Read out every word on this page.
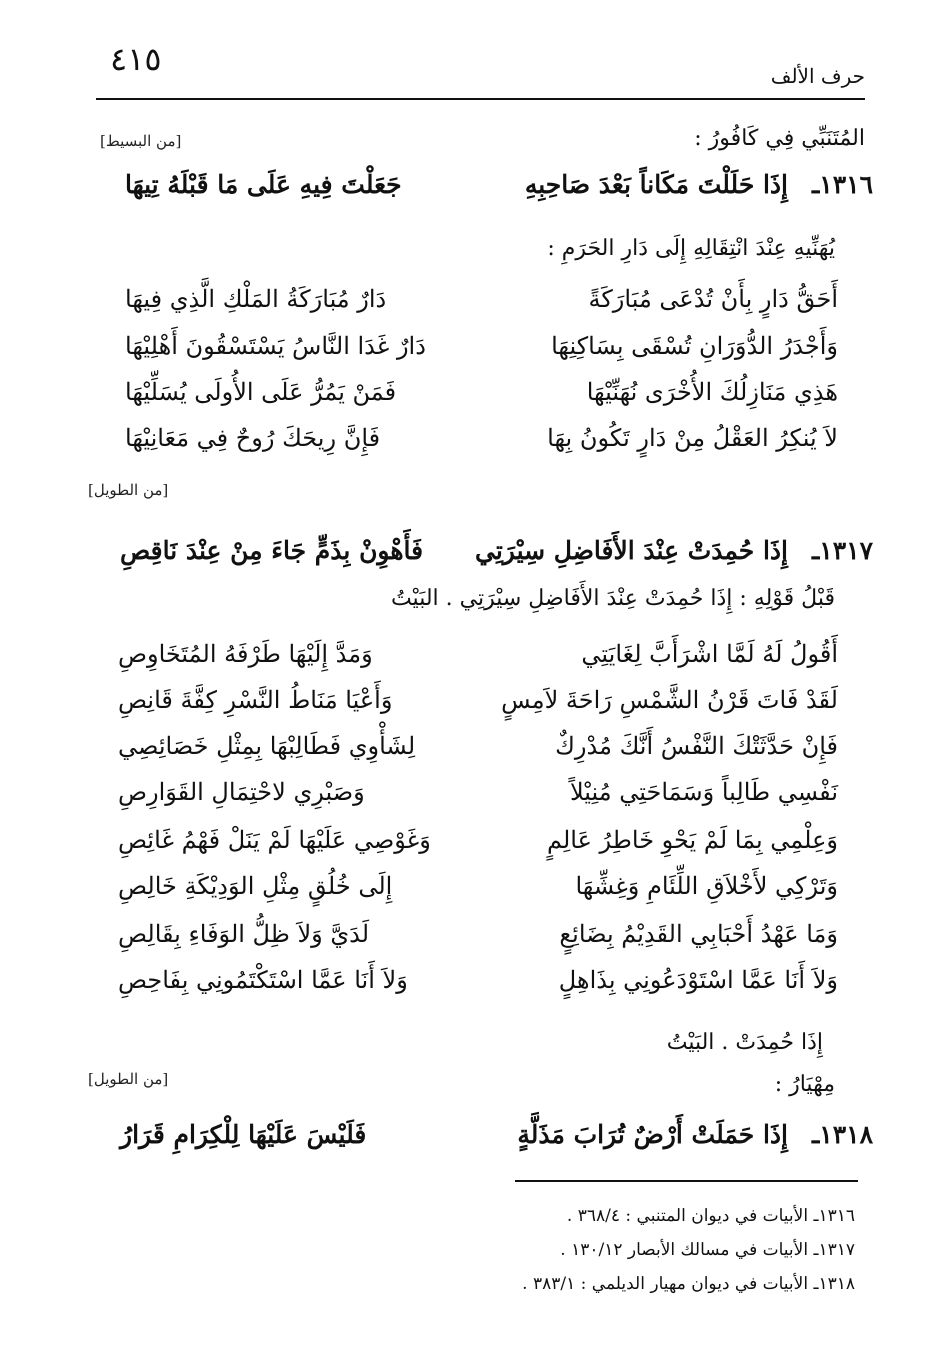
٤١٥	حرف الألف
المُتَنَبِّي فِي كَافُورُ :
[من البسيط]
١٣١٦ـ
إِذَا حَلَلْتَ مَكَاناً بَعْدَ صَاحِبِهِ
جَعَلْتَ فِيهِ عَلَى مَا قَبْلَهُ تِيهَا
يُهَنِّيهِ عِنْدَ انْتِقَالِهِ إِلَى دَارِ الحَرَمِ :
أَحَقُّ دَارٍ بِأَنْ تُدْعَى مُبَارَكَةً
دَارٌ مُبَارَكَةُ المَلْكِ الَّذِي فِيهَا
وَأَجْدَرُ الدُّوَرَانِ تُسْقَى بِسَاكِنِهَا
دَارٌ غَدَا النَّاسُ يَسْتَسْقُونَ أَهْلِيْهَا
هَذِي مَنَازِلُكَ الأُخْرَى نُهَنِّيْهَا
فَمَنْ يَمُرُّ عَلَى الأُولَى يُسَلِّيْهَا
لاَ يُنكِرُ العَقْلُ مِنْ دَارٍ تَكُونُ بِهَا
فَإِنَّ رِيحَكَ رُوحٌ فِي مَعَانِيْهَا
[من الطويل]
١٣١٧ـ
إِذَا حُمِدَتْ عِنْدَ الأَفَاضِلِ سِيْرَتِي
فَأَهْوِنْ بِذَمٍّ جَاءَ مِنْ عِنْدَ نَاقِصِ
قَبْلُ قَوْلِهِ : إِذَا حُمِدَتْ عِنْدَ الأَفَاضِلِ سِيْرَتِي . البَيْتُ
أَقُولُ لَهُ لَمَّا اشْرَأَبَّ لِغَايَتِي
وَمَدَّ إِلَيْهَا طَرْفَهُ المُتَخَاوِصِ
لَقَدْ فَاتَ قَرْنُ الشَّمْسِ رَاحَةَ لاَمِسٍ
وَأَعْيَا مَنَاطُ النَّسْرِ كِفَّةَ قَانِصِ
فَإِنْ حَدَّثَتْكَ النَّفْسُ أَنَّكَ مُدْرِكٌ
لِشَأْوِي فَطَالِبْهَا بِمِثْلِ خَصَائِصِي
نَفْسِي طَالِباً وَسَمَاحَتِي مُنِيْلاً
وَصَبْرِي لاحْتِمَالِ القَوَارِصِ
وَعِلْمِي بِمَا لَمْ يَحْوِ خَاطِرُ عَالِمٍ
وَغَوْصِي عَلَيْهَا لَمْ يَنَلْ فَهْمُ غَائِصِ
وَتَرْكِي لأَخْلاَقِ اللِّئَامِ وَغِشِّهَا
إِلَى خُلُقٍ مِثْلِ الوَدِيْكَةِ خَالِصِ
وَمَا عَهْدُ أَحْبَابِي القَدِيْمُ بِضَائِعٍ
لَدَيَّ وَلاَ ظِلُّ الوَفَاءِ بِقَالِصِ
وَلاَ أَنَا عَمَّا اسْتَوْدَعُونِي بِذَاهِلٍ
وَلاَ أَنَا عَمَّا اسْتَكْتَمُونِي بِفَاحِصِ
إِذَا حُمِدَتْ . البَيْتُ
مِهْيَارُ :
[من الطويل]
١٣١٨ـ
إِذَا حَمَلَتْ أَرْضٌ تُرَابَ مَذَلَّةٍ
فَلَيْسَ عَلَيْهَا لِلْكِرَامِ قَرَارُ
١٣١٦ـ الأبيات في ديوان المتنبي : ٣٦٨/٤ .
١٣١٧ـ الأبيات في مسالك الأبصار ١٣٠/١٢ .
١٣١٨ـ الأبيات في ديوان مهيار الديلمي : ٣٨٣/١ .
